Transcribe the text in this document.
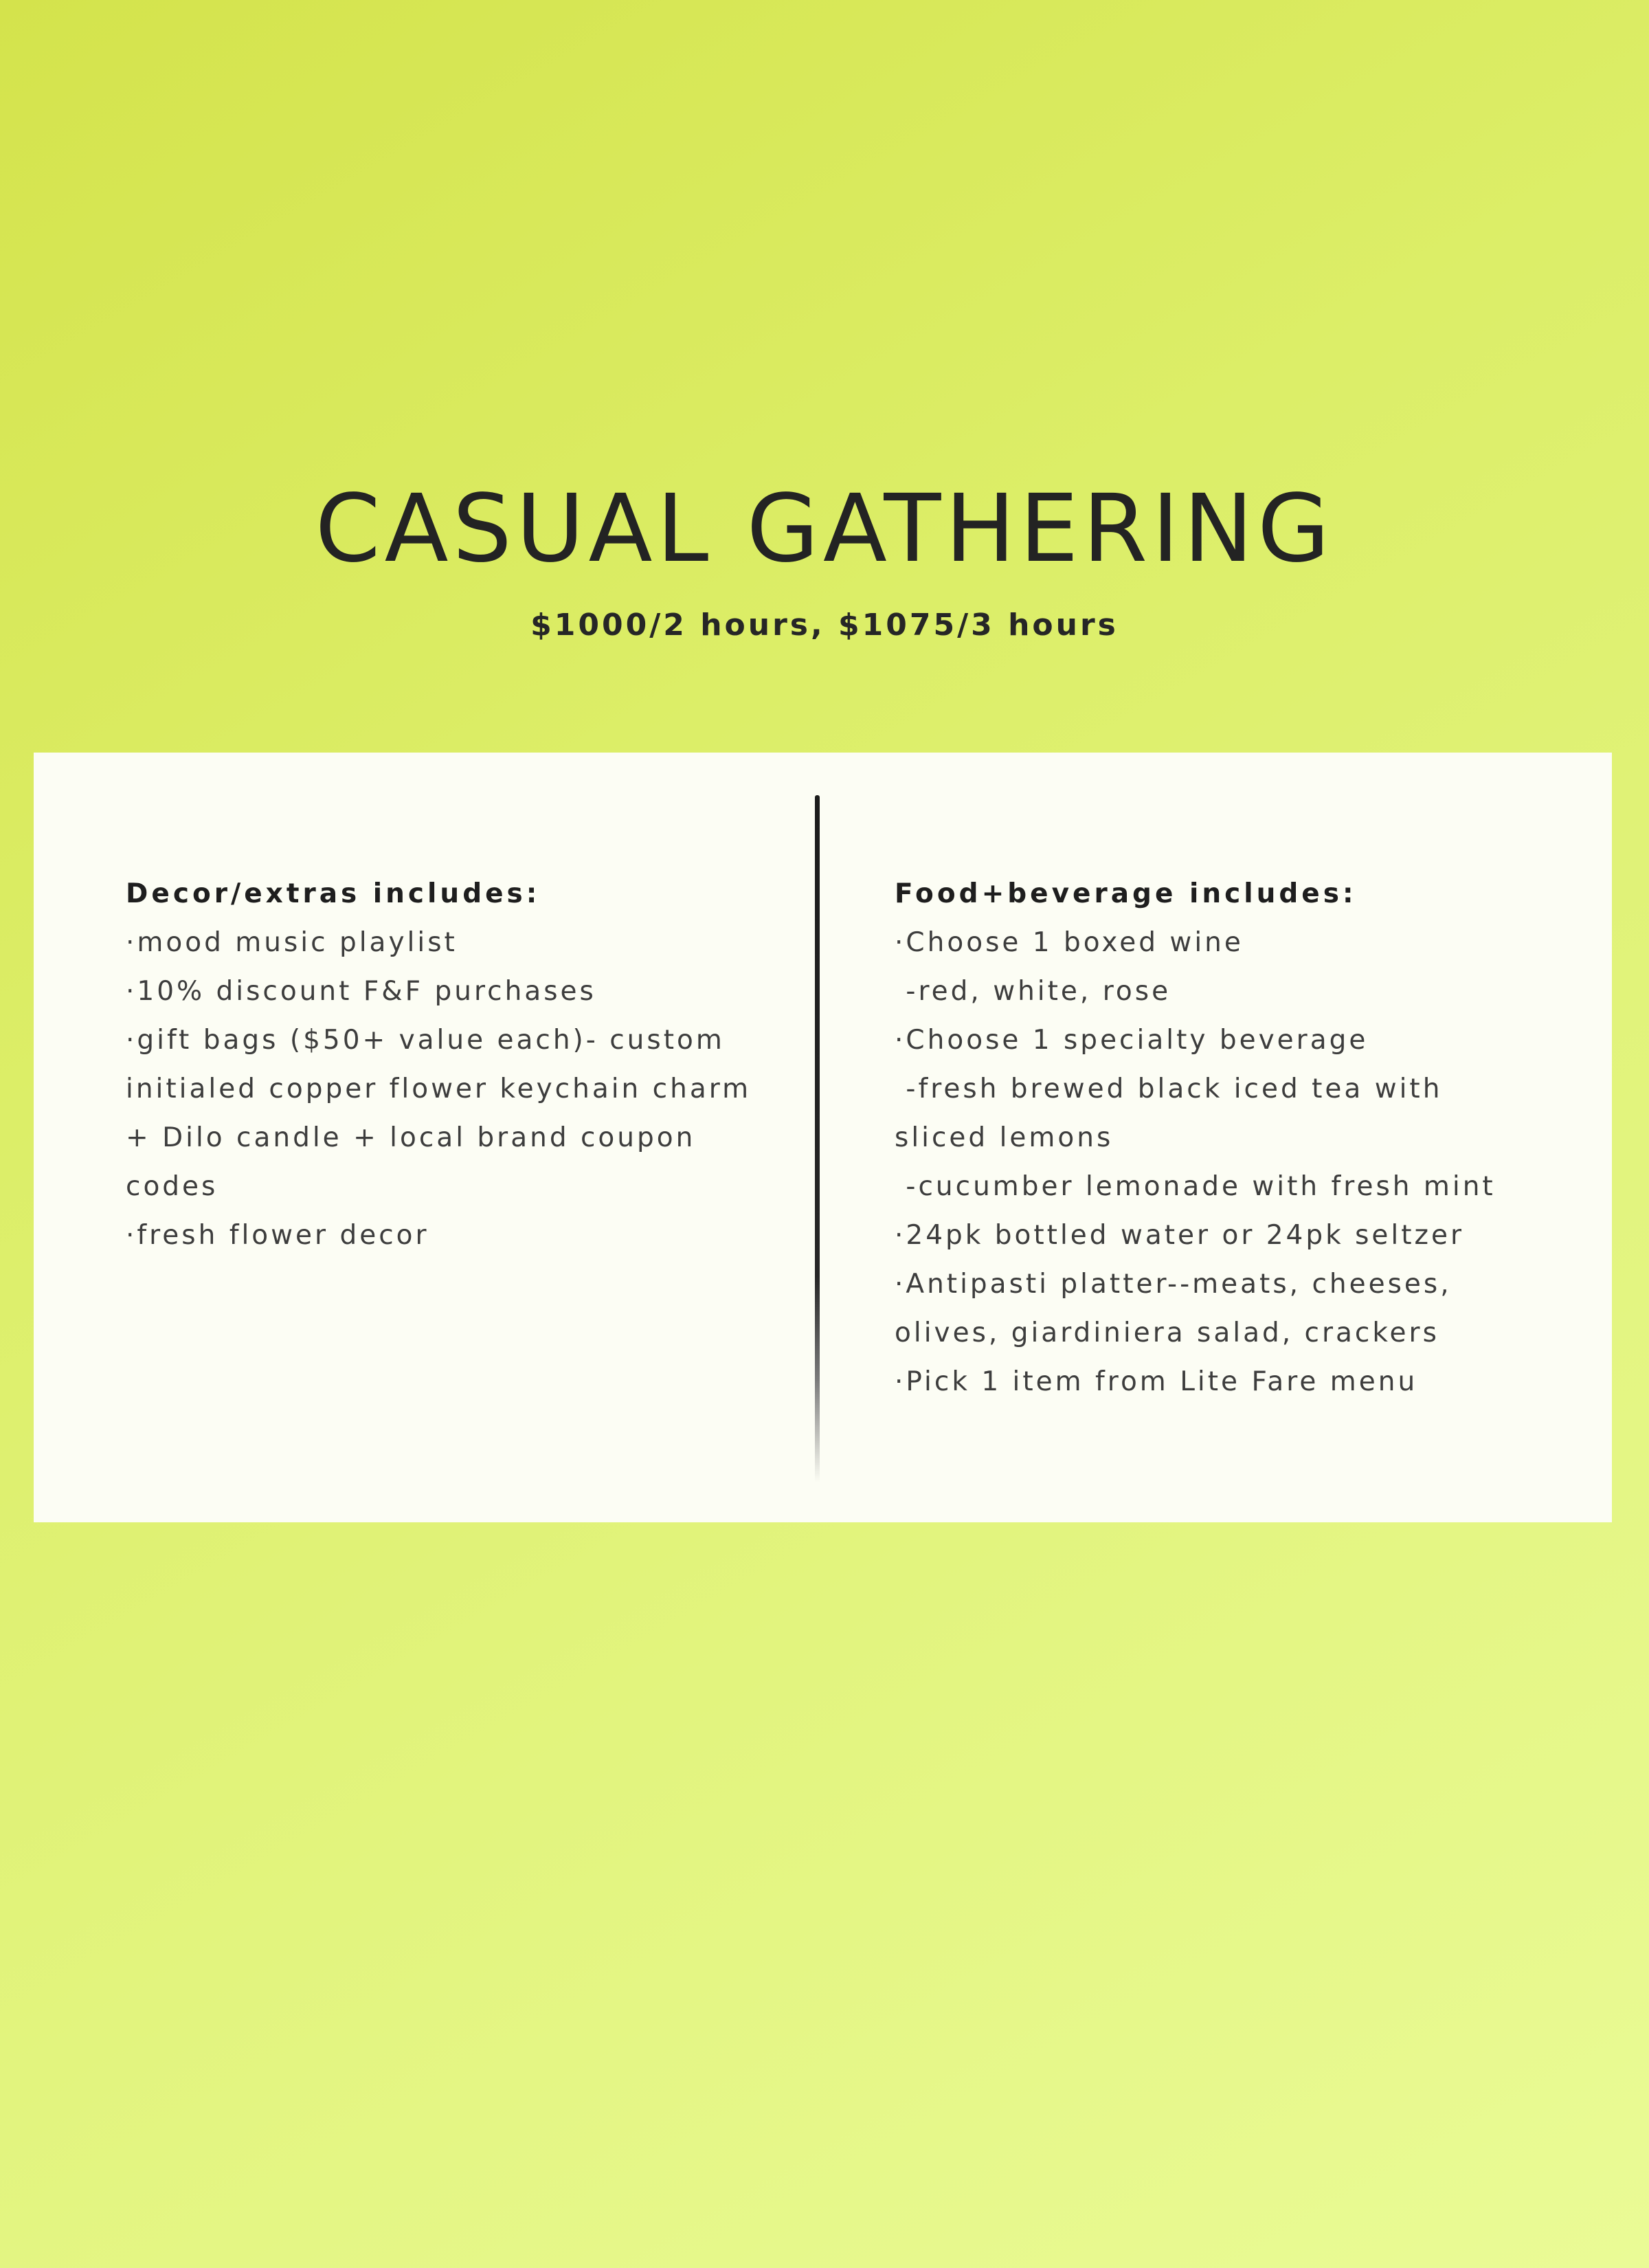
CASUAL GATHERING
$1000/2 hours, $1075/3 hours
Decor/extras includes:
·mood music playlist
·10% discount F&F purchases
·gift bags ($50+ value each)- custom
initialed copper flower keychain charm
+ Dilo candle + local brand coupon
codes
·fresh flower decor
Food+beverage includes:
·Choose 1 boxed wine
-red, white, rose
·Choose 1 specialty beverage
-fresh brewed black iced tea with
sliced lemons
-cucumber lemonade with fresh mint
·24pk bottled water or 24pk seltzer
·Antipasti platter--meats, cheeses,
olives, giardiniera salad, crackers
·Pick 1 item from Lite Fare menu
